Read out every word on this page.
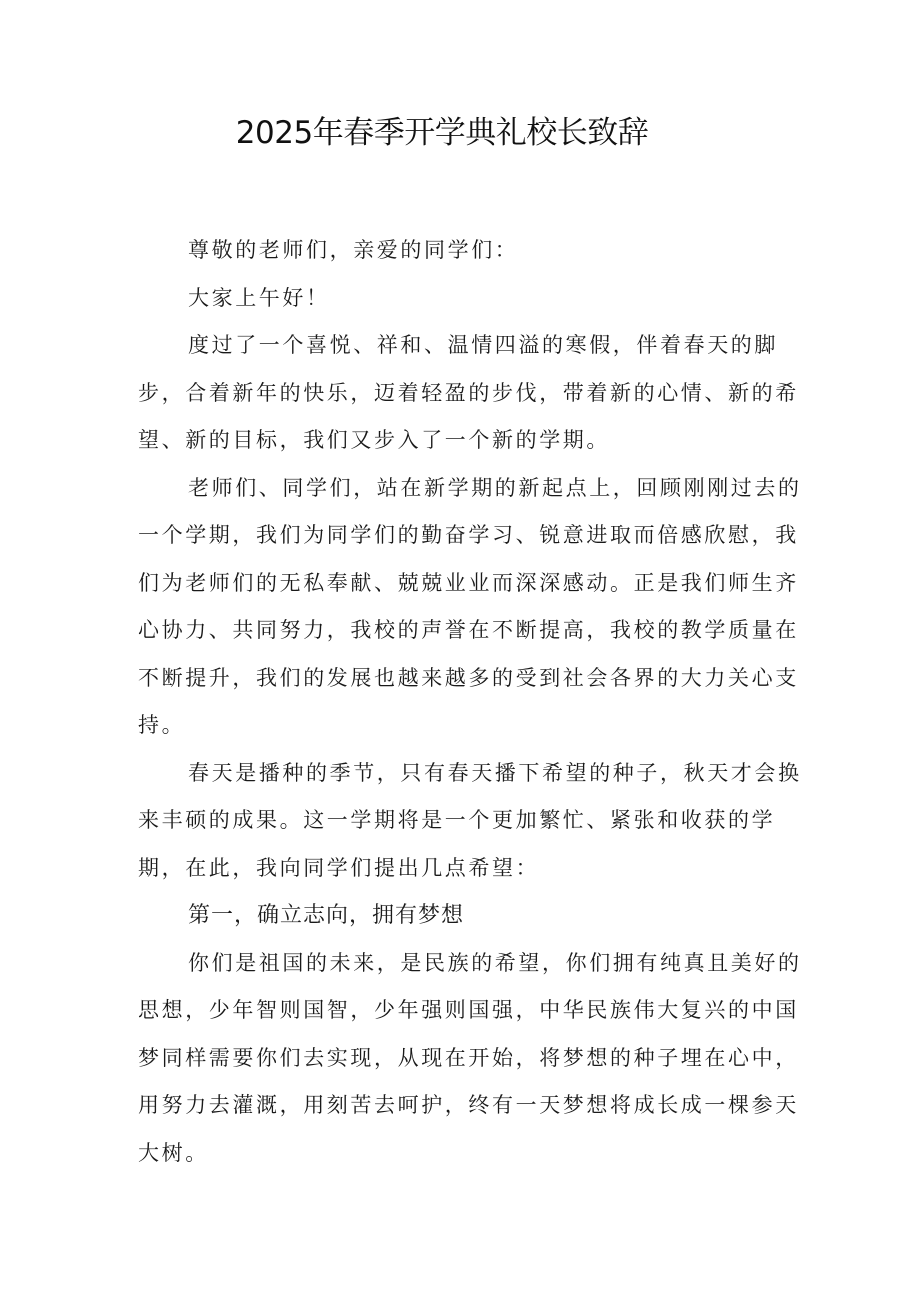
2025年春季开学典礼校长致辞

尊敬的老师们，亲爱的同学们：

大家上午好！

度过了一个喜悦、祥和、温情四溢的寒假，伴着春天的脚步，合着新年的快乐，迈着轻盈的步伐，带着新的心情、新的希望、新的目标，我们又步入了一个新的学期。

老师们、同学们，站在新学期的新起点上，回顾刚刚过去的一个学期，我们为同学们的勤奋学习、锐意进取而倍感欣慰，我们为老师们的无私奉献、兢兢业业而深深感动。正是我们师生齐心协力、共同努力，我校的声誉在不断提高，我校的教学质量在不断提升，我们的发展也越来越多的受到社会各界的大力关心支持。

春天是播种的季节，只有春天播下希望的种子，秋天才会换来丰硕的成果。这一学期将是一个更加繁忙、紧张和收获的学期，在此，我向同学们提出几点希望：

第一，确立志向，拥有梦想

你们是祖国的未来，是民族的希望，你们拥有纯真且美好的思想，少年智则国智，少年强则国强，中华民族伟大复兴的中国梦同样需要你们去实现，从现在开始，将梦想的种子埋在心中，用努力去灌溉，用刻苦去呵护，终有一天梦想将成长成一棵参天大树。
